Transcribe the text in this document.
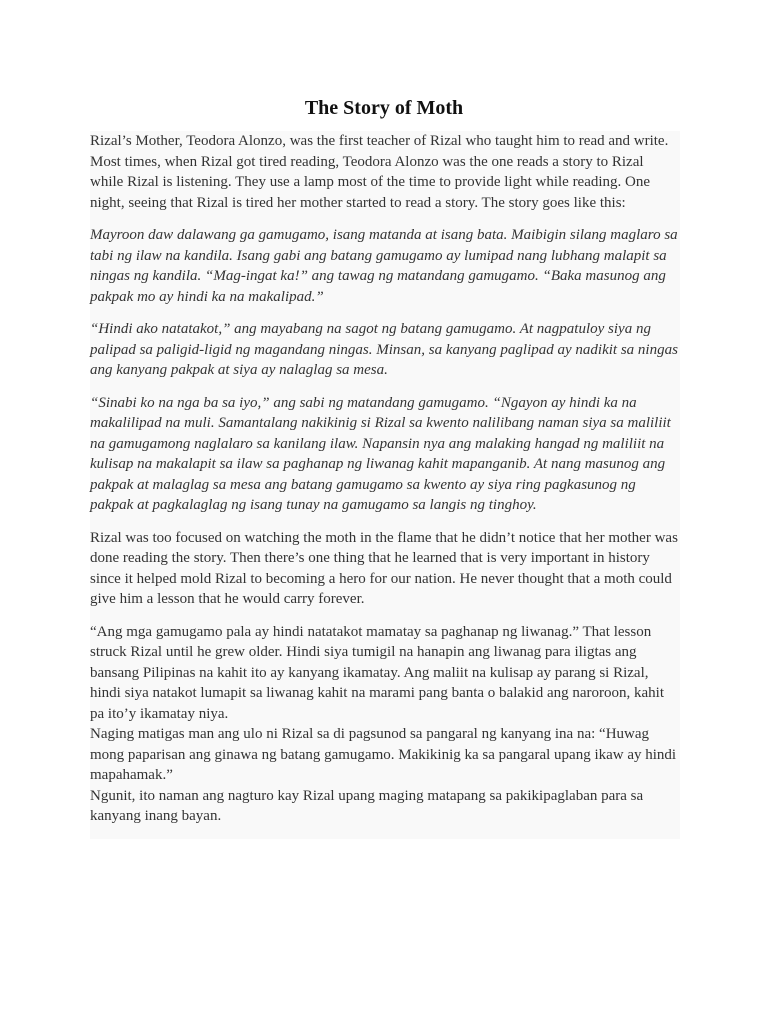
The Story of Moth

Rizal’s Mother, Teodora Alonzo, was the first teacher of Rizal who taught him to read and write. Most times, when Rizal got tired reading, Teodora Alonzo was the one reads a story to Rizal while Rizal is listening. They use a lamp most of the time to provide light while reading. One night, seeing that Rizal is tired her mother started to read a story. The story goes like this:

Mayroon daw dalawang ga gamugamo, isang matanda at isang bata. Maibigin silang maglaro sa tabi ng ilaw na kandila. Isang gabi ang batang gamugamo ay lumipad nang lubhang malapit sa ningas ng kandila. “Mag-ingat ka!” ang tawag ng matandang gamugamo. “Baka masunog ang pakpak mo ay hindi ka na makalipad.”

“Hindi ako natatakot,” ang mayabang na sagot ng batang gamugamo. At nagpatuloy siya ng palipad sa paligid-ligid ng magandang ningas. Minsan, sa kanyang paglipad ay nadikit sa ningas ang kanyang pakpak at siya ay nalaglag sa mesa.

“Sinabi ko na nga ba sa iyo,” ang sabi ng matandang gamugamo. “Ngayon ay hindi ka na makalilipad na muli. Samantalang nakikinig si Rizal sa kwento nalilibang naman siya sa maliliit na gamugamong naglalaro sa kanilang ilaw. Napansin nya ang malaking hangad ng maliliit na kulisap na makalapit sa ilaw sa paghanap ng liwanag kahit mapanganib. At nang masunog ang pakpak at malaglag sa mesa ang batang gamugamo sa kwento ay siya ring pagkasunog ng pakpak at pagkalaglag ng isang tunay na gamugamo sa langis ng tinghoy.

Rizal was too focused on watching the moth in the flame that he didn’t notice that her mother was done reading the story. Then there’s one thing that he learned that is very important in history since it helped mold Rizal to becoming a hero for our nation. He never thought that a moth could give him a lesson that he would carry forever.

“Ang mga gamugamo pala ay hindi natatakot mamatay sa paghanap ng liwanag.” That lesson struck Rizal until he grew older. Hindi siya tumigil na hanapin ang liwanag para iligtas ang bansang Pilipinas na kahit ito ay kanyang ikamatay. Ang maliit na kulisap ay parang si Rizal, hindi siya natakot lumapit sa liwanag kahit na marami pang banta o balakid ang naroroon, kahit pa ito’y ikamatay niya.
Naging matigas man ang ulo ni Rizal sa di pagsunod sa pangaral ng kanyang ina na: “Huwag mong paparisan ang ginawa ng batang gamugamo. Makikinig ka sa pangaral upang ikaw ay hindi mapahamak.”
Ngunit, ito naman ang nagturo kay Rizal upang maging matapang sa pakikipaglaban para sa kanyang inang bayan.
